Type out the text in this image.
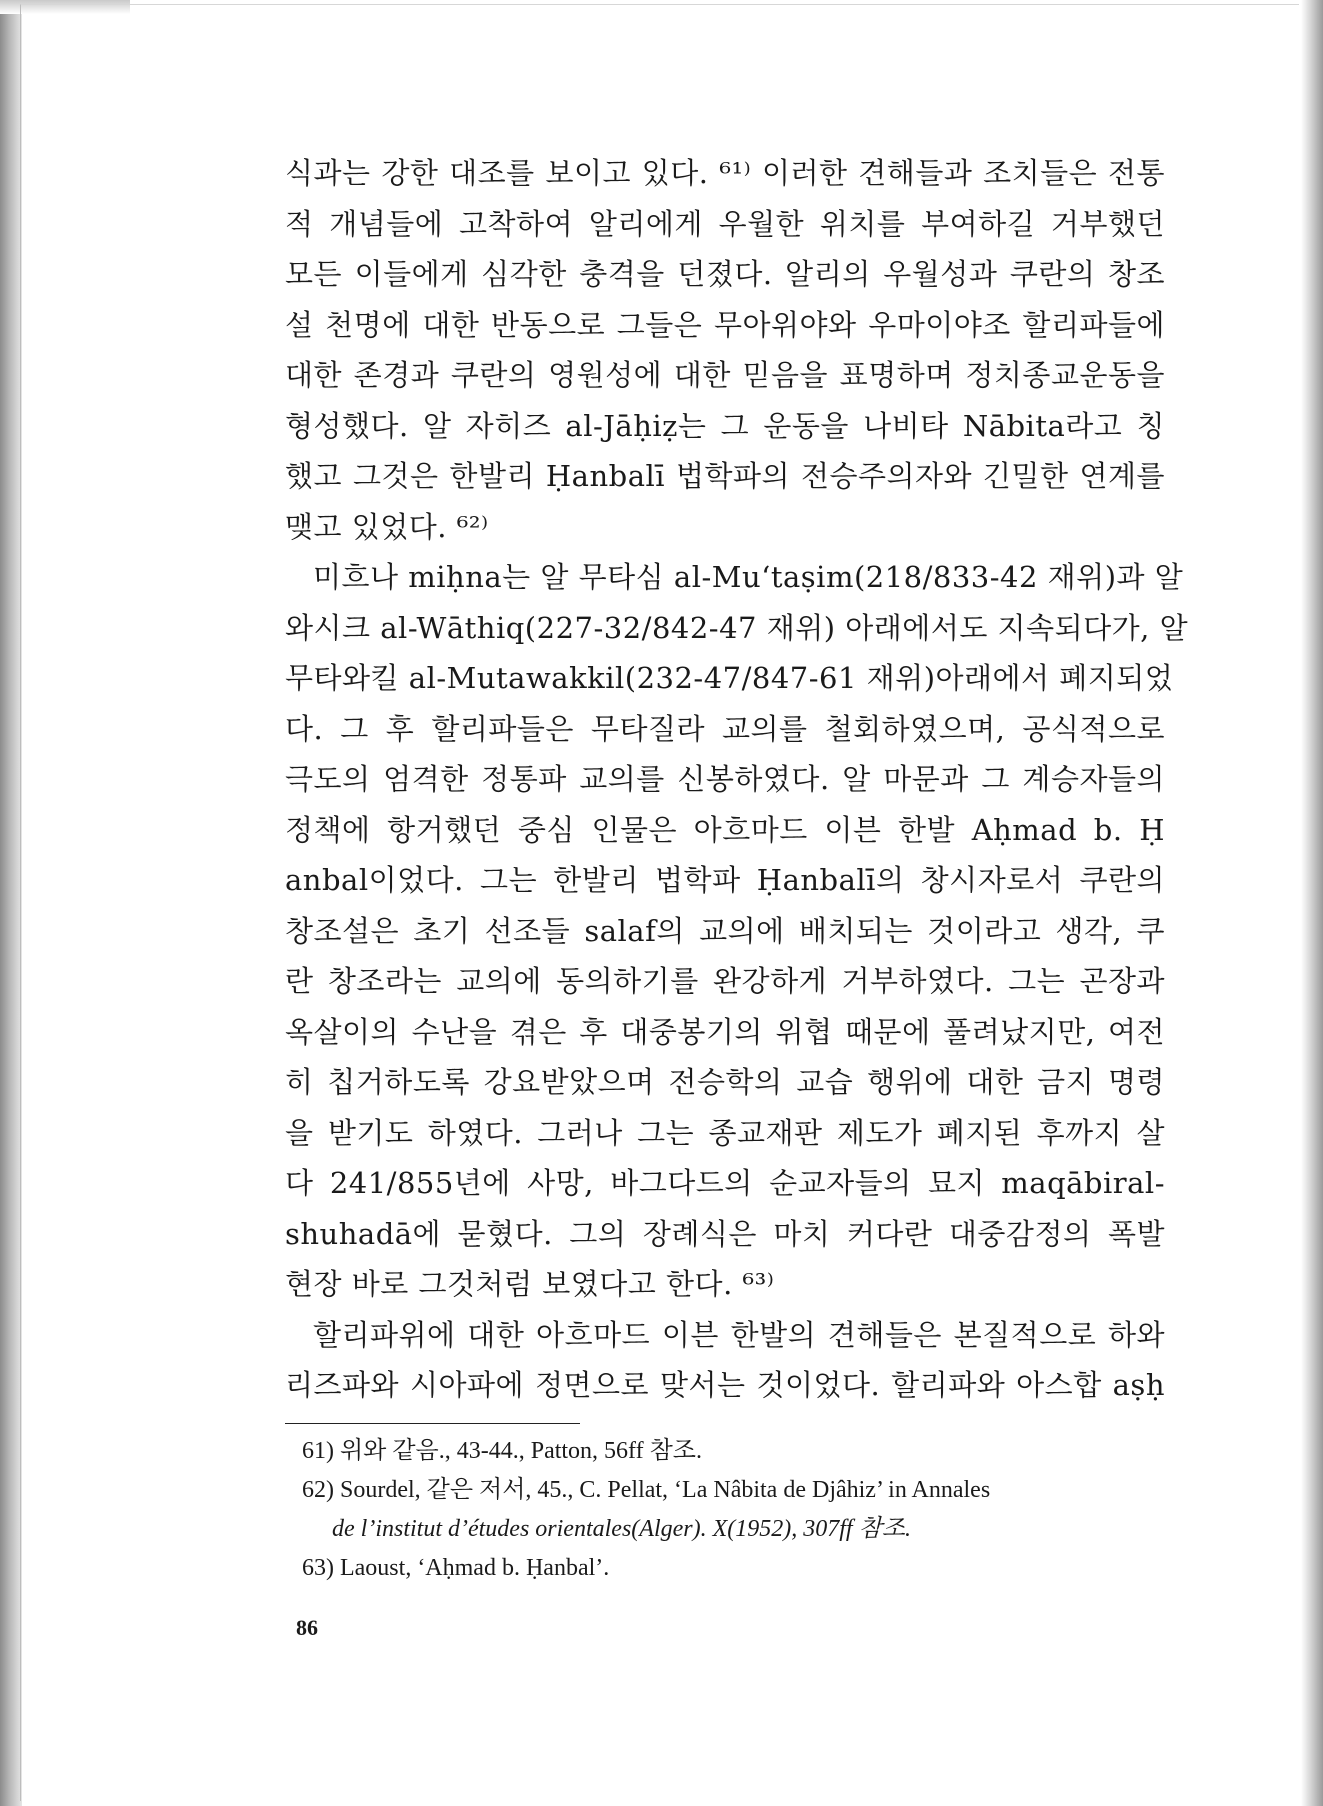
식과는 강한 대조를 보이고 있다. ⁶¹⁾ 이러한 견해들과 조치들은 전통
적 개념들에 고착하여 알리에게 우월한 위치를 부여하길 거부했던
모든 이들에게 심각한 충격을 던졌다. 알리의 우월성과 쿠란의 창조
설 천명에 대한 반동으로 그들은 무아위야와 우마이야조 할리파들에
대한 존경과 쿠란의 영원성에 대한 믿음을 표명하며 정치종교운동을
형성했다. 알 자히즈 al-Jāḥiẓ는 그 운동을 나비타 Nābita라고 칭
했고 그것은 한발리 Ḥanbalī 법학파의 전승주의자와 긴밀한 연계를
맺고 있었다. ⁶²⁾
미흐나 miḥna는 알 무타심 al-Muʻtaṣim(218/833-42 재위)과 알
와시크 al-Wāthiq(227-32/842-47 재위) 아래에서도 지속되다가, 알
무타와킬 al-Mutawakkil(232-47/847-61 재위)아래에서 폐지되었
다. 그 후 할리파들은 무타질라 교의를 철회하였으며, 공식적으로
극도의 엄격한 정통파 교의를 신봉하였다. 알 마문과 그 계승자들의
정책에 항거했던 중심 인물은 아흐마드 이븐 한발 Aḥmad b. Ḥ
anbal이었다. 그는 한발리 법학파 Ḥanbalī의 창시자로서 쿠란의
창조설은 초기 선조들 salaf의 교의에 배치되는 것이라고 생각, 쿠
란 창조라는 교의에 동의하기를 완강하게 거부하였다. 그는 곤장과
옥살이의 수난을 겪은 후 대중봉기의 위협 때문에 풀려났지만, 여전
히 칩거하도록 강요받았으며 전승학의 교습 행위에 대한 금지 명령
을 받기도 하였다. 그러나 그는 종교재판 제도가 폐지된 후까지 살
다 241/855년에 사망, 바그다드의 순교자들의 묘지 maqābiral-
shuhadā에 묻혔다. 그의 장례식은 마치 커다란 대중감정의 폭발
현장 바로 그것처럼 보였다고 한다. ⁶³⁾
할리파위에 대한 아흐마드 이븐 한발의 견해들은 본질적으로 하와
리즈파와 시아파에 정면으로 맞서는 것이었다. 할리파와 아스합 aṣḥ
61) 위와 같음., 43-44., Patton, 56ff 참조.
62) Sourdel, 같은 저서, 45., C. Pellat, ‘La Nâbita de Djâhiz’ in Annales
de l’institut d’études orientales(Alger). X(1952), 307ff 참조.
63) Laoust, ‘Aḥmad b. Ḥanbal’.
86
